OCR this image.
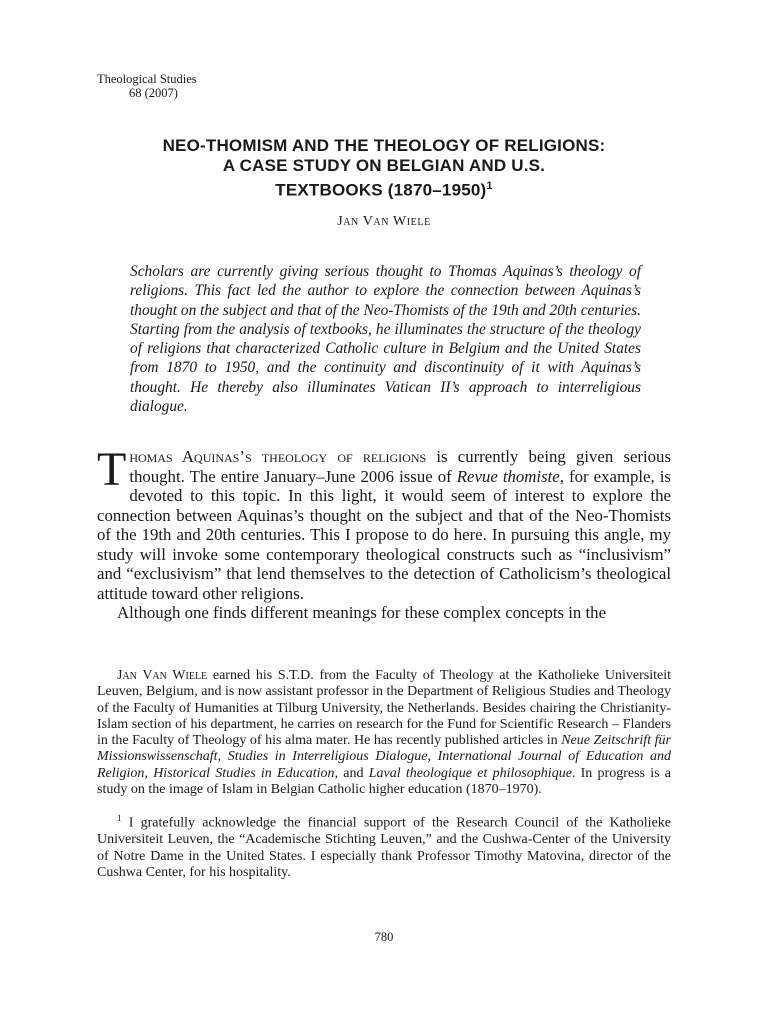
Theological Studies
68 (2007)
NEO-THOMISM AND THE THEOLOGY OF RELIGIONS:
A CASE STUDY ON BELGIAN AND U.S.
TEXTBOOKS (1870–1950)$^1$
Jan Van Wiele
Scholars are currently giving serious thought to Thomas Aquinas’s theology of religions. This fact led the author to explore the connection between Aquinas’s thought on the subject and that of the Neo-Thomists of the 19th and 20th centuries. Starting from the analysis of textbooks, he illuminates the structure of the theology of religions that characterized Catholic culture in Belgium and the United States from 1870 to 1950, and the continuity and discontinuity of it with Aquinas’s thought. He thereby also illuminates Vatican II’s approach to interreligious dialogue.

Thomas Aquinas’s theology of religions is currently being given serious thought. The entire January–June 2006 issue of Revue thomiste, for example, is devoted to this topic. In this light, it would seem of interest to explore the connection between Aquinas’s thought on the subject and that of the Neo-Thomists of the 19th and 20th centuries. This I propose to do here. In pursuing this angle, my study will invoke some contemporary theological constructs such as “inclusivism” and “exclusivism” that lend themselves to the detection of Catholicism’s theological attitude toward other religions.

Although one finds different meanings for these complex concepts in the

Jan Van Wiele earned his S.T.D. from the Faculty of Theology at the Katholieke Universiteit Leuven, Belgium, and is now assistant professor in the Department of Religious Studies and Theology of the Faculty of Humanities at Tilburg University, the Netherlands. Besides chairing the Christianity-Islam section of his department, he carries on research for the Fund for Scientific Research – Flanders in the Faculty of Theology of his alma mater. He has recently published articles in Neue Zeitschrift für Missionswissenschaft, Studies in Interreligious Dialogue, International Journal of Education and Religion, Historical Studies in Education, and Laval theologique et philosophique. In progress is a study on the image of Islam in Belgian Catholic higher education (1870–1970).

$^1$ I gratefully acknowledge the financial support of the Research Council of the Katholieke Universiteit Leuven, the “Academische Stichting Leuven,” and the Cushwa-Center of the University of Notre Dame in the United States. I especially thank Professor Timothy Matovina, director of the Cushwa Center, for his hospitality.

780
